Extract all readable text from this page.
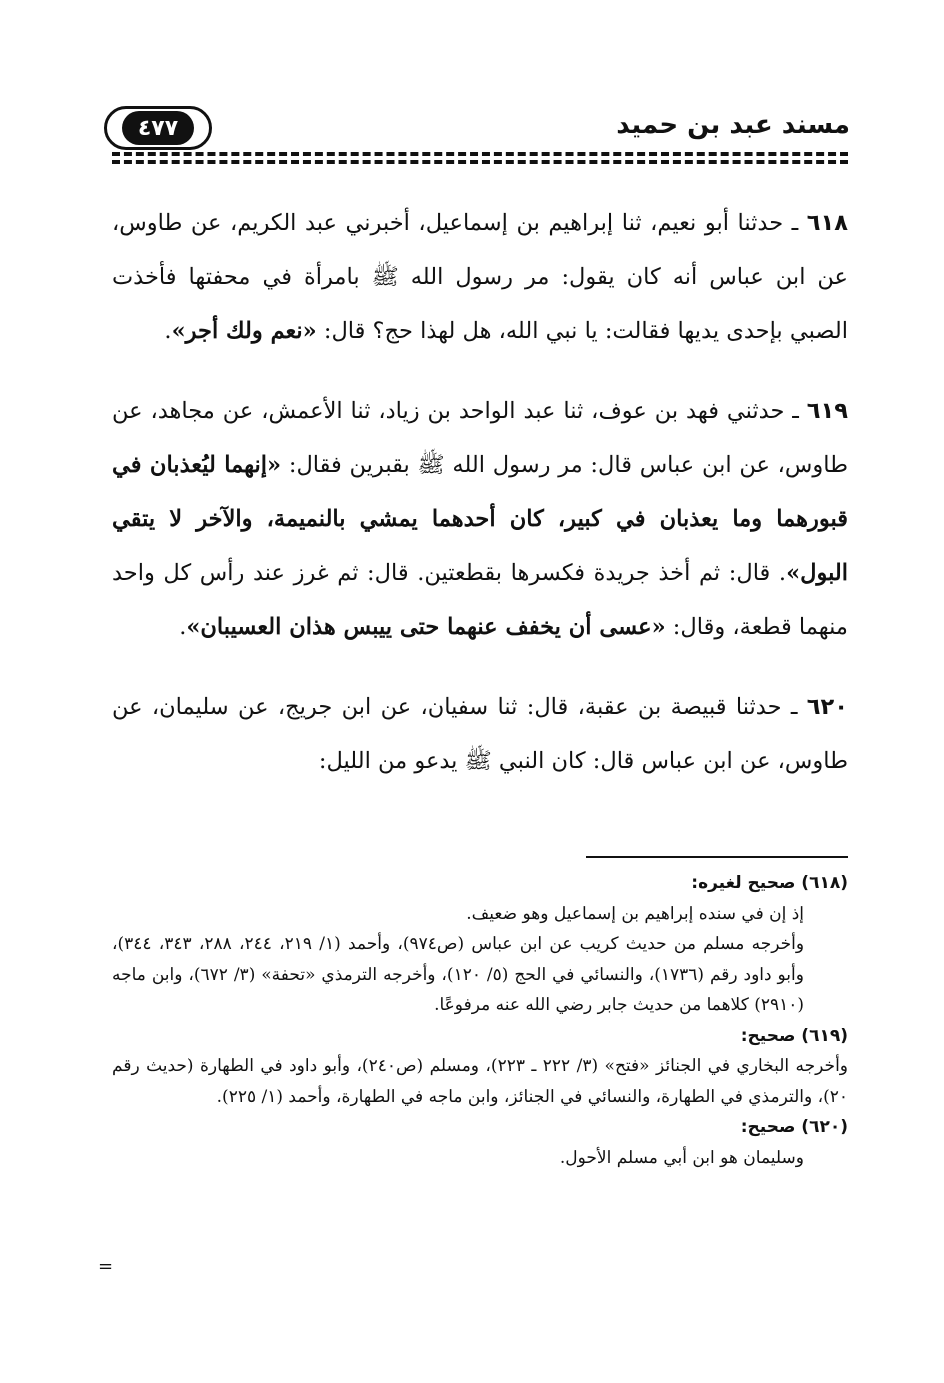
مسند عبد بن حميد
٤٧٧

٦١٨ ـ حدثنا أبو نعيم، ثنا إبراهيم بن إسماعيل، أخبرني عبد الكريم، عن طاوس، عن ابن عباس أنه كان يقول: مر رسول الله ﷺ بامرأة في محفتها فأخذت الصبي بإحدى يديها فقالت: يا نبي الله، هل لهذا حج؟ قال: «نعم ولك أجر».

٦١٩ ـ حدثني فهد بن عوف، ثنا عبد الواحد بن زياد، ثنا الأعمش، عن مجاهد، عن طاوس، عن ابن عباس قال: مر رسول الله ﷺ بقبرين فقال: «إنهما ليُعذبان في قبورهما وما يعذبان في كبير، كان أحدهما يمشي بالنميمة، والآخر لا يتقي البول». قال: ثم أخذ جريدة فكسرها بقطعتين. قال: ثم غرز عند رأس كل واحد منهما قطعة، وقال: «عسى أن يخفف عنهما حتى ييبس هذان العسيبان».

٦٢٠ ـ حدثنا قبيصة بن عقبة، قال: ثنا سفيان، عن ابن جريج، عن سليمان، عن طاوس، عن ابن عباس قال: كان النبي ﷺ يدعو من الليل:

(٦١٨) صحيح لغيره:
إذ إن في سنده إبراهيم بن إسماعيل وهو ضعيف.
وأخرجه مسلم من حديث كريب عن ابن عباس (ص٩٧٤)، وأحمد (١/ ٢١٩، ٢٤٤، ٢٨٨، ٣٤٣، ٣٤٤)، وأبو داود رقم (١٧٣٦)، والنسائي في الحج (٥/ ١٢٠)، وأخرجه الترمذي «تحفة» (٣/ ٦٧٢)، وابن ماجه (٢٩١٠) كلاهما من حديث جابر رضي الله عنه مرفوعًا.
(٦١٩) صحيح:
وأخرجه البخاري في الجنائز «فتح» (٣/ ٢٢٢ ـ ٢٢٣)، ومسلم (ص٢٤٠)، وأبو داود في الطهارة (حديث رقم ٢٠)، والترمذي في الطهارة، والنسائي في الجنائز، وابن ماجه في الطهارة، وأحمد (١/ ٢٢٥).
(٦٢٠) صحيح:
وسليمان هو ابن أبي مسلم الأحول.
=
